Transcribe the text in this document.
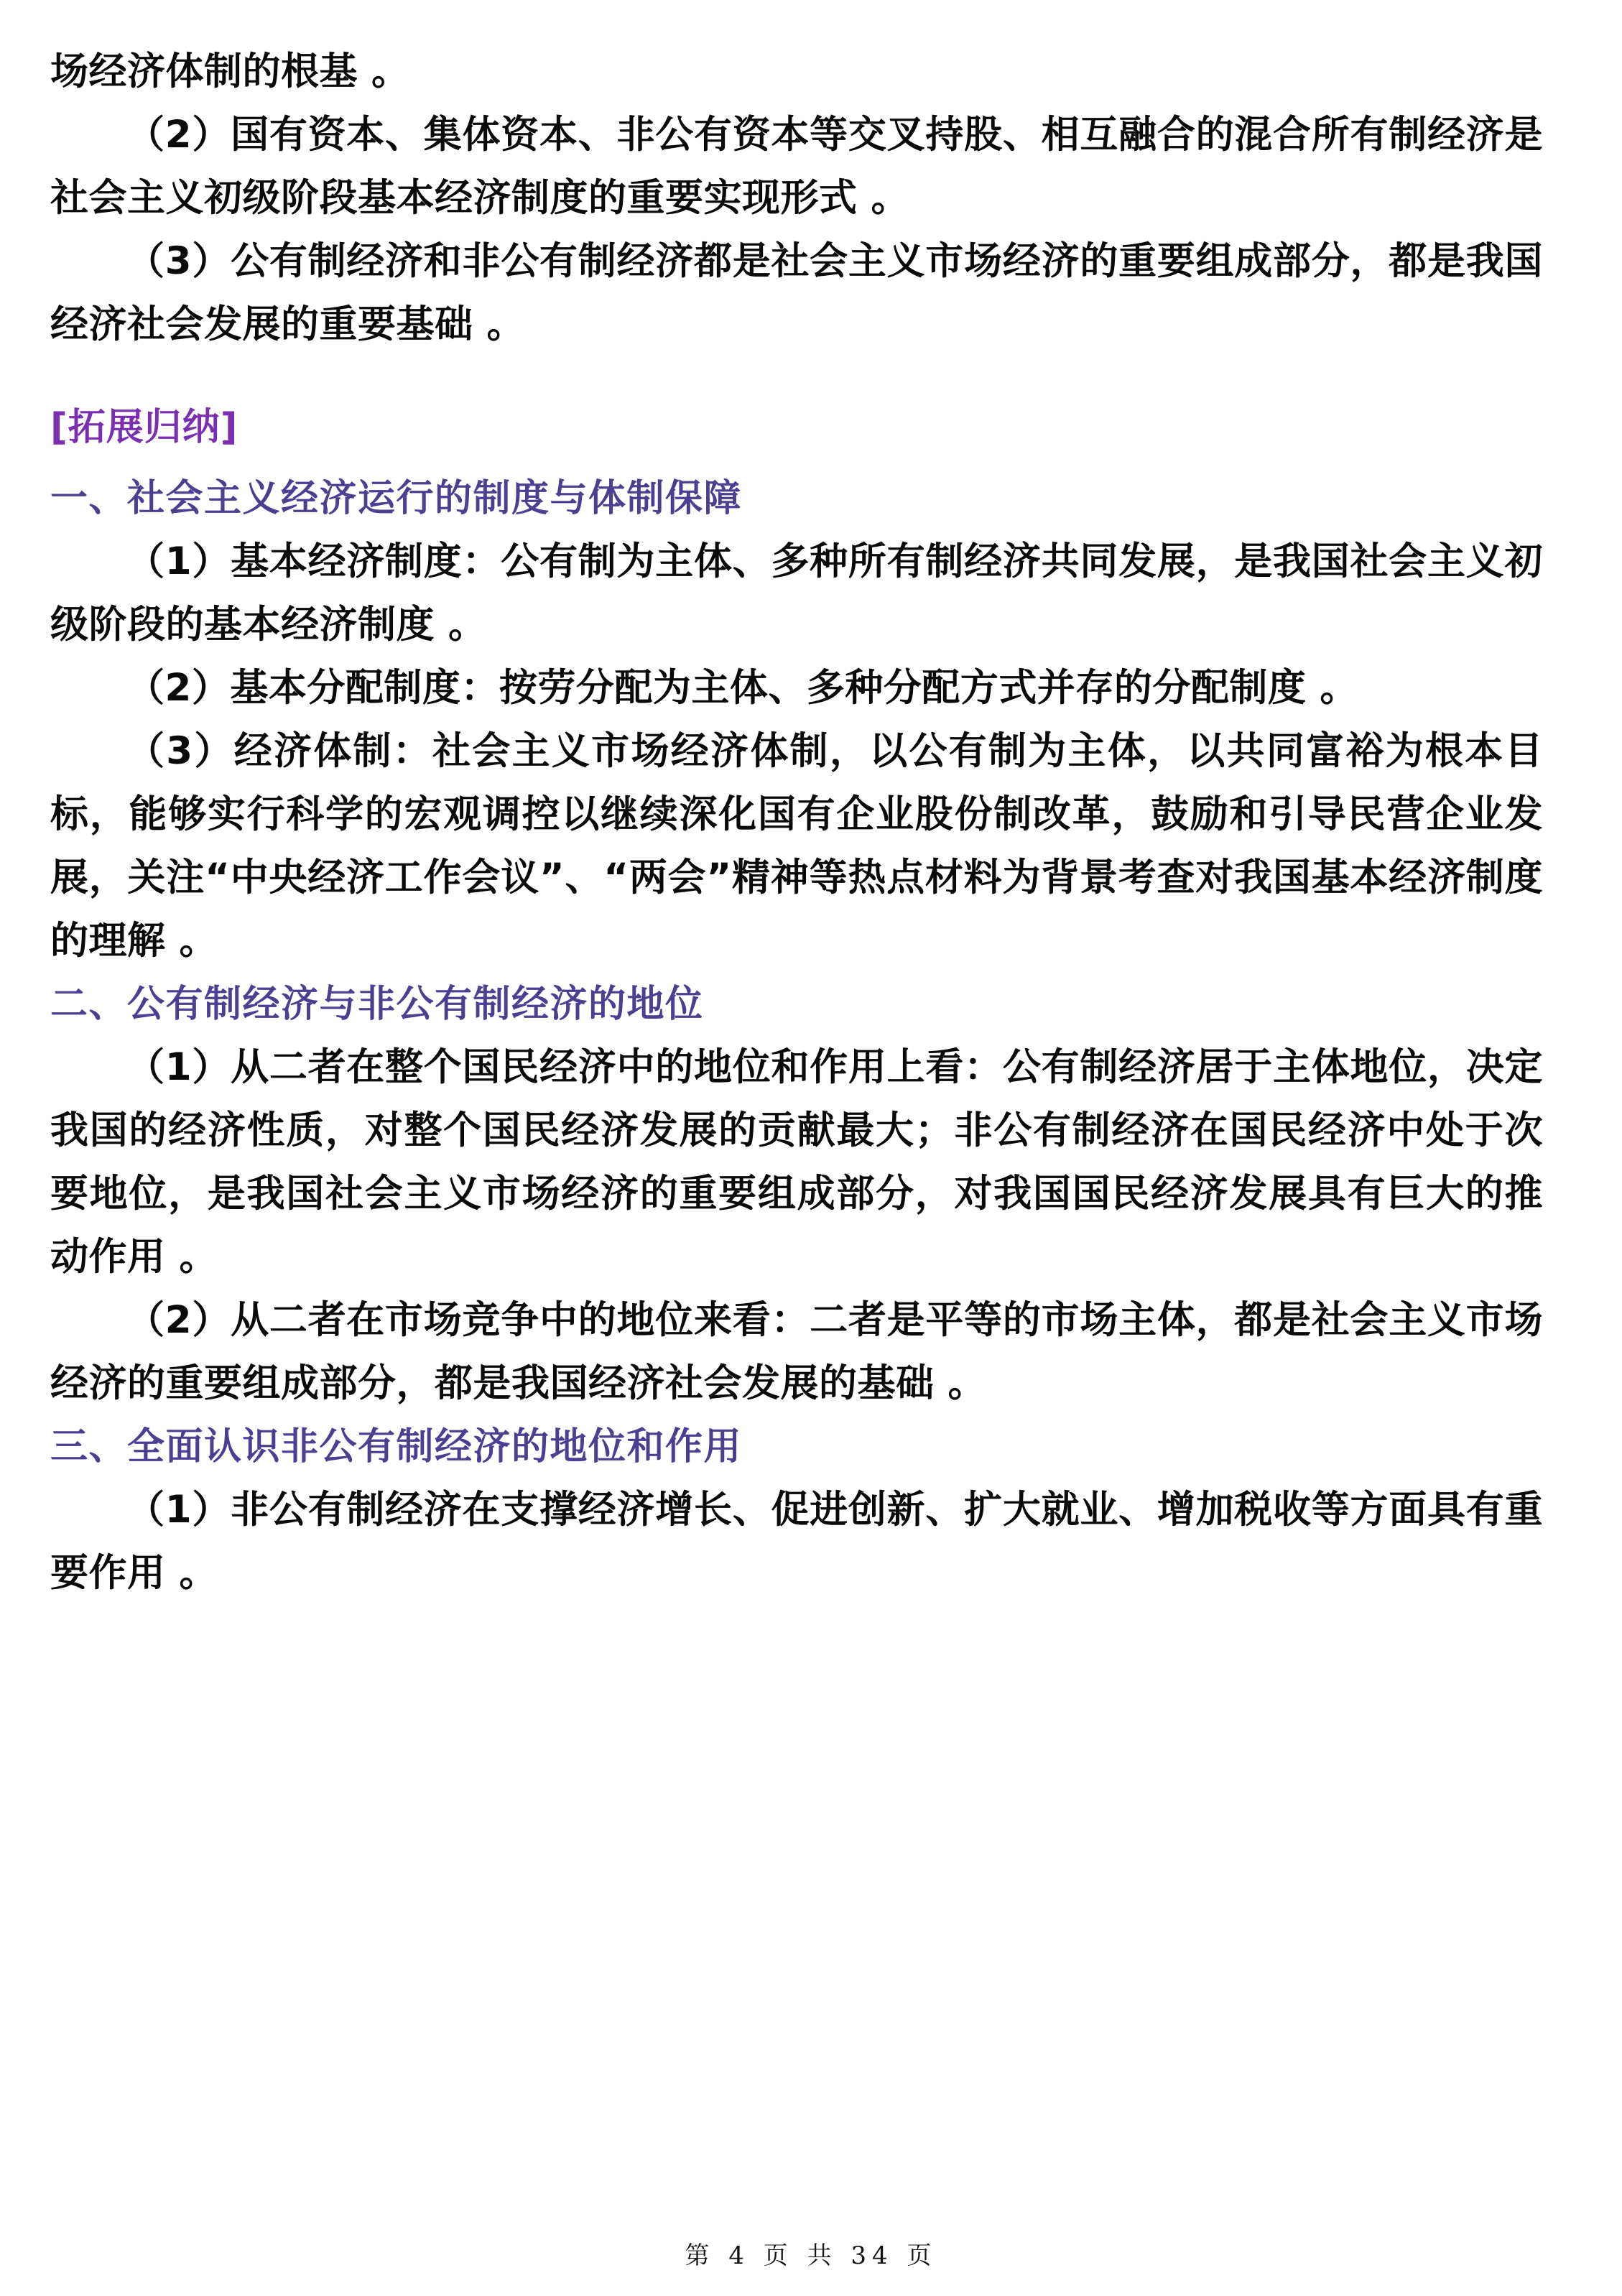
场经济体制的根基 。

（2）国有资本、集体资本、非公有资本等交叉持股、相互融合的混合所有制经济是社会主义初级阶段基本经济制度的重要实现形式 。

（3）公有制经济和非公有制经济都是社会主义市场经济的重要组成部分，都是我国经济社会发展的重要基础 。

[拓展归纳]
一、社会主义经济运行的制度与体制保障

（1）基本经济制度：公有制为主体、多种所有制经济共同发展，是我国社会主义初级阶段的基本经济制度 。

（2）基本分配制度：按劳分配为主体、多种分配方式并存的分配制度 。

（3）经济体制：社会主义市场经济体制，以公有制为主体，以共同富裕为根本目标，能够实行科学的宏观调控以继续深化国有企业股份制改革，鼓励和引导民营企业发展，关注“中央经济工作会议”、“两会”精神等热点材料为背景考查对我国基本经济制度的理解 。

二、公有制经济与非公有制经济的地位

（1）从二者在整个国民经济中的地位和作用上看：公有制经济居于主体地位，决定我国的经济性质，对整个国民经济发展的贡献最大；非公有制经济在国民经济中处于次要地位，是我国社会主义市场经济的重要组成部分，对我国国民经济发展具有巨大的推动作用 。

（2）从二者在市场竞争中的地位来看：二者是平等的市场主体，都是社会主义市场经济的重要组成部分，都是我国经济社会发展的基础 。

三、全面认识非公有制经济的地位和作用

（1）非公有制经济在支撑经济增长、促进创新、扩大就业、增加税收等方面具有重要作用 。

第 4 页 共 34 页
